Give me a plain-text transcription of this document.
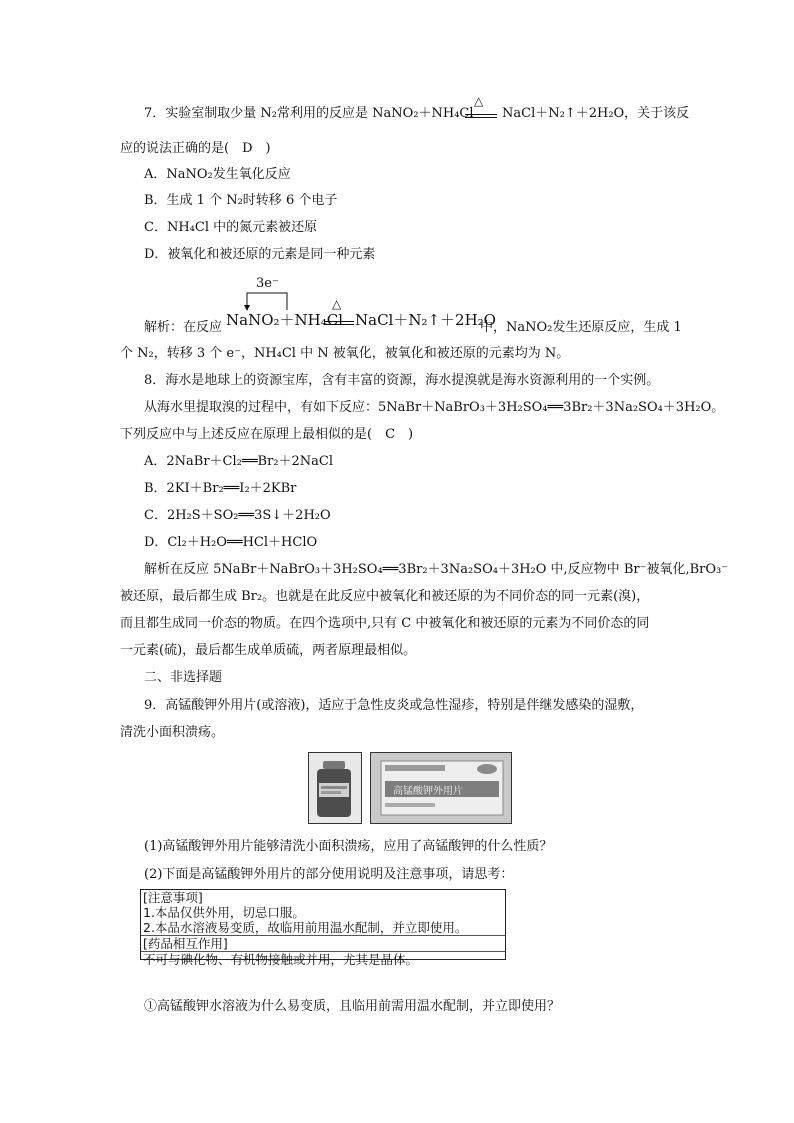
7．实验室制取少量 N₂常利用的反应是 NaNO₂＋NH₄Cl
△
NaCl＋N₂↑＋2H₂O，关于该反
应的说法正确的是(　D　)
A．NaNO₂发生氧化反应
B．生成 1 个 N₂时转移 6 个电子
C．NH₄Cl 中的氮元素被还原
D．被氧化和被还原的元素是同一种元素
3e⁻
解析：在反应 NaNO₂＋NH₄Cl
△
NaCl＋N₂↑＋2H₂O
中，NaNO₂发生还原反应，生成 1
个 N₂，转移 3 个 e⁻，NH₄Cl 中 N 被氧化，被氧化和被还原的元素均为 N。
8．海水是地球上的资源宝库，含有丰富的资源，海水提溴就是海水资源利用的一个实例。
从海水里提取溴的过程中，有如下反应：5NaBr＋NaBrO₃＋3H₂SO₄══3Br₂＋3Na₂SO₄＋3H₂O。
下列反应中与上述反应在原理上最相似的是(　C　)
A．2NaBr＋Cl₂══Br₂＋2NaCl
B．2KI＋Br₂══I₂＋2KBr
C．2H₂S＋SO₂══3S↓＋2H₂O
D．Cl₂＋H₂O══HCl＋HClO
解析在反应 5NaBr＋NaBrO₃＋3H₂SO₄══3Br₂＋3Na₂SO₄＋3H₂O 中,反应物中 Br⁻被氧化,BrO₃⁻
被还原，最后都生成 Br₂。也就是在此反应中被氧化和被还原的为不同价态的同一元素(溴)，
而且都生成同一价态的物质。在四个选项中,只有 C 中被氧化和被还原的元素为不同价态的同
一元素(硫)，最后都生成单质硫，两者原理最相似。
二、非选择题
9．高锰酸钾外用片(或溶液)，适应于急性皮炎或急性湿疹，特别是伴继发感染的湿敷，
清洗小面积溃疡。
高锰酸钾外用片
(1)高锰酸钾外用片能够清洗小面积溃疡，应用了高锰酸钾的什么性质？
(2)下面是高锰酸钾外用片的部分使用说明及注意事项，请思考：
[注意事项]
1.本品仅供外用，切忌口服。
2.本品水溶液易变质，故临用前用温水配制，并立即使用。
[药品相互作用]
不可与碘化物、有机物接触或并用，尤其是晶体。
①高锰酸钾水溶液为什么易变质，且临用前需用温水配制，并立即使用？
